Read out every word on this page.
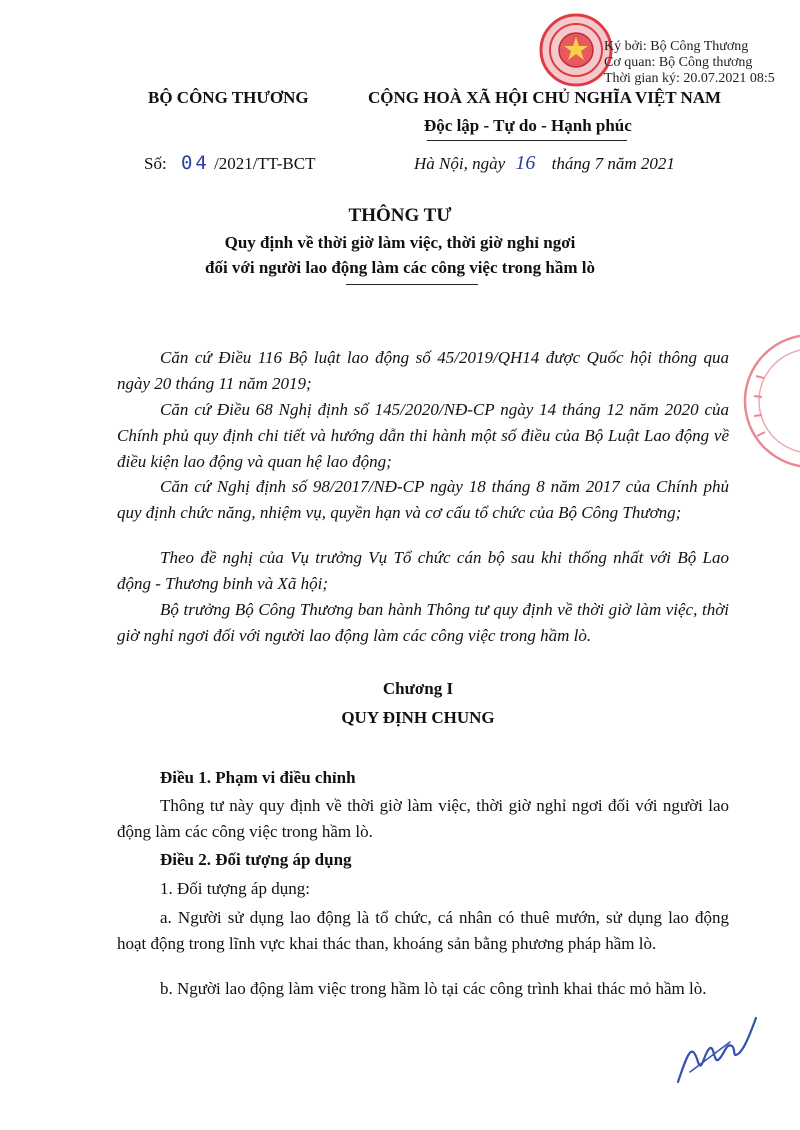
Ký bởi: Bộ Công Thương
Cơ quan: Bộ Công thương
Thời gian ký: 20.07.2021 08:5
BỘ CÔNG THƯƠNG	CỘNG HOÀ XÃ HỘI CHỦ NGHĨA VIỆT NAM
Độc lập - Tự do - Hạnh phúc
Số: 04 /2021/TT-BCT	Hà Nội, ngày 16 tháng 7 năm 2021
THÔNG TƯ
Quy định về thời giờ làm việc, thời giờ nghỉ ngơi
đối với người lao động làm các công việc trong hầm lò
Căn cứ Điều 116 Bộ luật lao động số 45/2019/QH14 được Quốc hội thông qua ngày 20 tháng 11 năm 2019;
Căn cứ Điều 68 Nghị định số 145/2020/NĐ-CP ngày 14 tháng 12 năm 2020 của Chính phủ quy định chi tiết và hướng dẫn thi hành một số điều của Bộ Luật Lao động về điều kiện lao động và quan hệ lao động;
Căn cứ Nghị định số 98/2017/NĐ-CP ngày 18 tháng 8 năm 2017 của Chính phủ quy định chức năng, nhiệm vụ, quyền hạn và cơ cấu tổ chức của Bộ Công Thương;
Theo đề nghị của Vụ trưởng Vụ Tổ chức cán bộ sau khi thống nhất với Bộ Lao động - Thương binh và Xã hội;
Bộ trưởng Bộ Công Thương ban hành Thông tư quy định về thời giờ làm việc, thời giờ nghỉ ngơi đối với người lao động làm các công việc trong hầm lò.
Chương I
QUY ĐỊNH CHUNG
Điều 1. Phạm vi điều chỉnh
Thông tư này quy định về thời giờ làm việc, thời giờ nghỉ ngơi đối với người lao động làm các công việc trong hầm lò.
Điều 2. Đối tượng áp dụng
1. Đối tượng áp dụng:
a. Người sử dụng lao động là tổ chức, cá nhân có thuê mướn, sử dụng lao động hoạt động trong lĩnh vực khai thác than, khoáng sản bằng phương pháp hầm lò.
b. Người lao động làm việc trong hầm lò tại các công trình khai thác mỏ hầm lò.
